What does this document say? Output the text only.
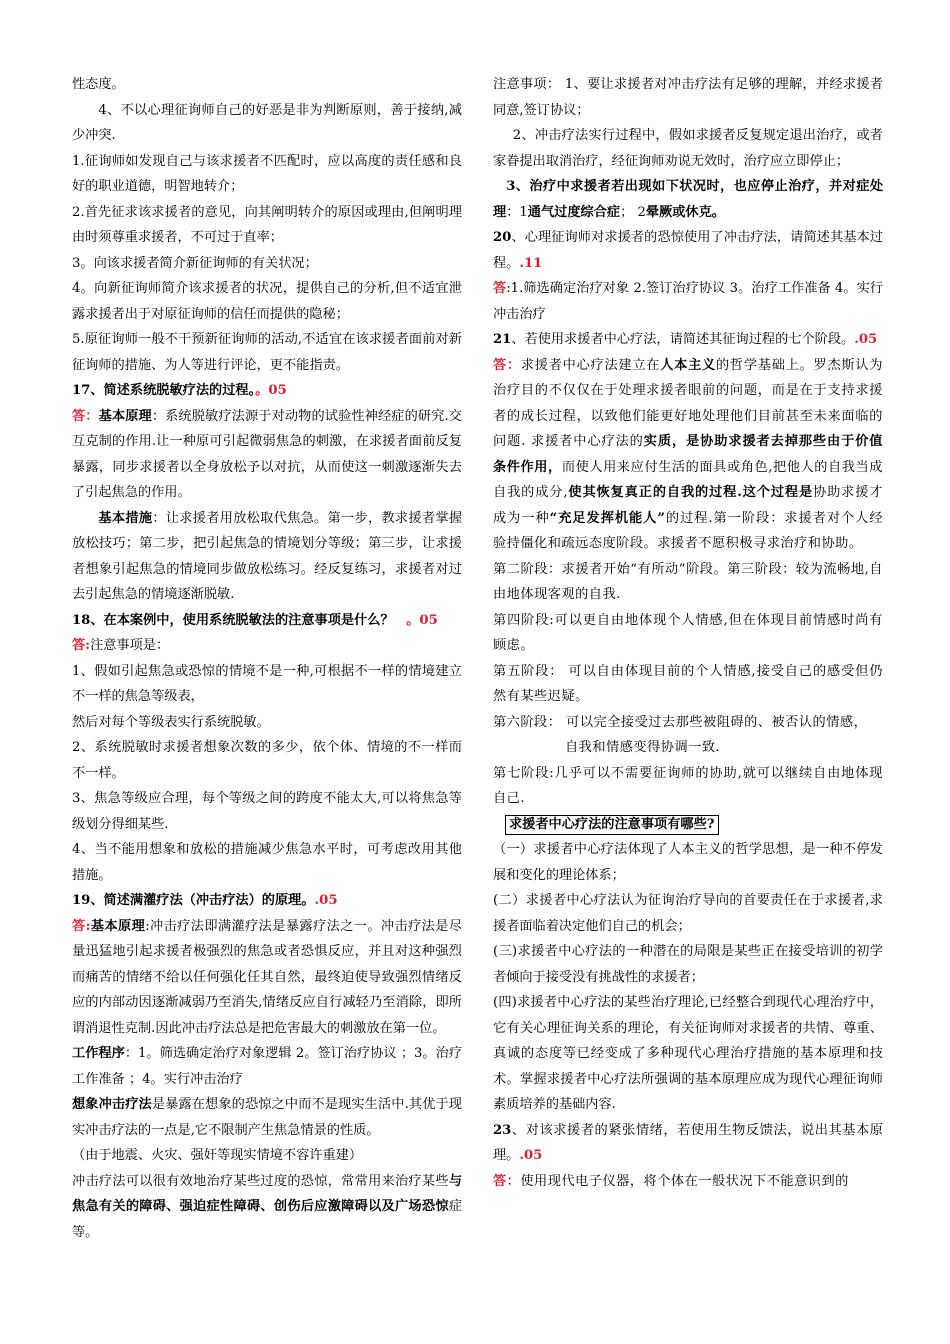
性态度。

4、不以心理征询师自己的好恶是非为判断原则，善于接纳,减少冲突.

1.征询师如发现自己与该求援者不匹配时，应以高度的责任感和良好的职业道德，明智地转介；

2.首先征求该求援者的意见，向其阐明转介的原因或理由,但阐明理由时须尊重求援者，不可过于直率；

3。向该求援者简介新征询师的有关状况；

4。向新征询师简介该求援者的状况，提供自己的分析,但不适宜泄露求援者出于对原征询师的信任而提供的隐秘；

5.原征询师一般不干预新征询师的活动,不适宜在该求援者面前对新征询师的措施、为人等进行评论，更不能指责。

17、简述系统脱敏疗法的过程。。05

答：基本原理：系统脱敏疗法源于对动物的试验性神经症的研究.交互克制的作用.让一种原可引起微弱焦急的刺激，在求援者面前反复暴露，同步求援者以全身放松予以对抗，从而使这一刺激逐渐失去了引起焦急的作用。

基本措施：让求援者用放松取代焦急。第一步，教求援者掌握放松技巧；第二步，把引起焦急的情境划分等级；第三步，让求援者想象引起焦急的情境同步做放松练习。经反复练习，求援者对过去引起焦急的情境逐渐脱敏.

18、在本案例中，使用系统脱敏法的注意事项是什么？ 。05

答:注意事项是：

1、假如引起焦急或恐惊的情境不是一种,可根据不一样的情境建立不一样的焦急等级表，

然后对每个等级表实行系统脱敏。

2、系统脱敏时求援者想象次数的多少，依个体、情境的不一样而不一样。

3、焦急等级应合理，每个等级之间的跨度不能太大,可以将焦急等级划分得细某些.

4、当不能用想象和放松的措施减少焦急水平时，可考虑改用其他措施。

19、简述满灌疗法（冲击疗法）的原理。.05

答:基本原理:冲击疗法即满灌疗法是暴露疗法之一。冲击疗法是尽量迅猛地引起求援者极强烈的焦急或者恐惧反应，并且对这种强烈而痛苦的情绪不给以任何强化任其自然，最终迫使导致强烈情绪反应的内部动因逐渐减弱乃至消失,情绪反应自行减轻乃至消除，即所谓消退性克制.因此冲击疗法总是把危害最大的刺激放在第一位。

工作程序：1。筛选确定治疗对象逻辑 2。签订治疗协议 ；3。治疗工作准备 ；4。实行冲击治疗

想象冲击疗法是暴露在想象的恐惊之中而不是现实生活中.其优于现实冲击疗法的一点是,它不限制产生焦急情景的性质。

（由于地震、火灾、强奸等现实情境不容许重建）

冲击疗法可以很有效地治疗某些过度的恐惊，常常用来治疗某些与焦急有关的障碍、强迫症性障碍、创伤后应激障碍以及广场恐惊症等。

注意事项： 1、要让求援者对冲击疗法有足够的理解，并经求援者同意,签订协议；

2、冲击疗法实行过程中，假如求援者反复规定退出治疗，或者家眷提出取消治疗，经征询师劝说无效时，治疗应立即停止；

3、治疗中求援者若出现如下状况时，也应停止治疗，并对症处理：1通气过度综合症； 2晕厥或休克。

20、心理征询师对求援者的恐惊使用了冲击疗法，请简述其基本过程。.11

答:1.筛选确定治疗对象 2.签订治疗协议 3。治疗工作准备 4。实行冲击治疗

21、若使用求援者中心疗法，请简述其征询过程的七个阶段。.05

答：求援者中心疗法建立在人本主义的哲学基础上。罗杰斯认为治疗目的不仅仅在于处理求援者眼前的问题，而是在于支持求援者的成长过程，以致他们能更好地处理他们目前甚至未来面临的问题. 求援者中心疗法的实质，是协助求援者去掉那些由于价值条件作用，而使人用来应付生活的面具或角色,把他人的自我当成自我的成分,使其恢复真正的自我的过程.这个过程是协助求援才成为一种“充足发挥机能人”的过程.第一阶段：求援者对个人经验持僵化和疏远态度阶段。求援者不愿积极寻求治疗和协助。

第二阶段：求援者开始“有所动”阶段。第三阶段：较为流畅地,自由地体现客观的自我.

第四阶段:可以更自由地体现个人情感,但在体现目前情感时尚有顾虑。

第五阶段： 可以自由体现目前的个人情感,接受自己的感受但仍然有某些迟疑。

第六阶段： 可以完全接受过去那些被阻碍的、被否认的情感，

自我和情感变得协调一致.

第七阶段:几乎可以不需要征询师的协助,就可以继续自由地体现自己.

求援者中心疗法的注意事项有哪些?

（一）求援者中心疗法体现了人本主义的哲学思想，是一种不停发展和变化的理论体系；

(二）求援者中心疗法认为征询治疗导向的首要责任在于求援者,求援者面临着决定他们自己的机会；

(三)求援者中心疗法的一种潜在的局限是某些正在接受培训的初学者倾向于接受没有挑战性的求援者；

(四)求援者中心疗法的某些治疗理论,已经整合到现代心理治疗中，它有关心理征询关系的理论，有关征询师对求援者的共情、尊重、真诚的态度等已经变成了多种现代心理治疗措施的基本原理和技术。掌握求援者中心疗法所强调的基本原理应成为现代心理征询师素质培养的基础内容.

23、对该求援者的紧张情绪，若使用生物反馈法，说出其基本原理。.05

答：使用现代电子仪器，将个体在一般状况下不能意识到的
